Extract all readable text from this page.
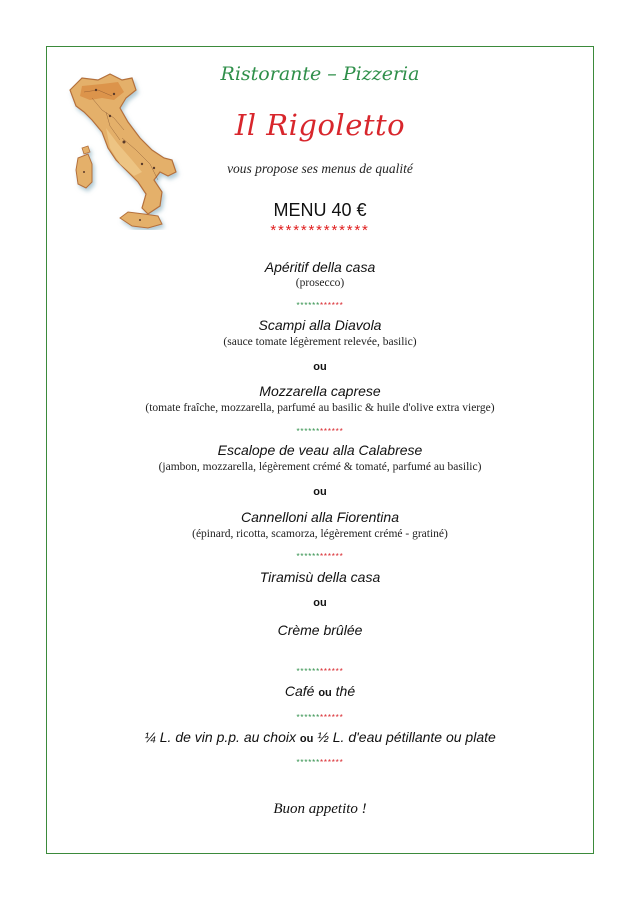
Ristorante – Pizzeria
Il Rigoletto
vous propose ses menus de qualité
MENU 40 €
*************
Apéritif della casa
(prosecco)
************
Scampi alla Diavola
(sauce tomate légèrement relevée, basilic)
ou
Mozzarella caprese
(tomate fraîche, mozzarella, parfumé au basilic & huile d'olive extra vierge)
************
Escalope de veau alla Calabrese
(jambon, mozzarella, légèrement crémé & tomaté, parfumé au basilic)
ou
Cannelloni alla Fiorentina
(épinard, ricotta, scamorza, légèrement crémé - gratiné)
************
Tiramisù della casa
ou
Crème brûlée
************
Café ou thé
************
¼ L. de vin p.p. au choix ou ½ L. d'eau pétillante ou plate
************
Buon appetito !
